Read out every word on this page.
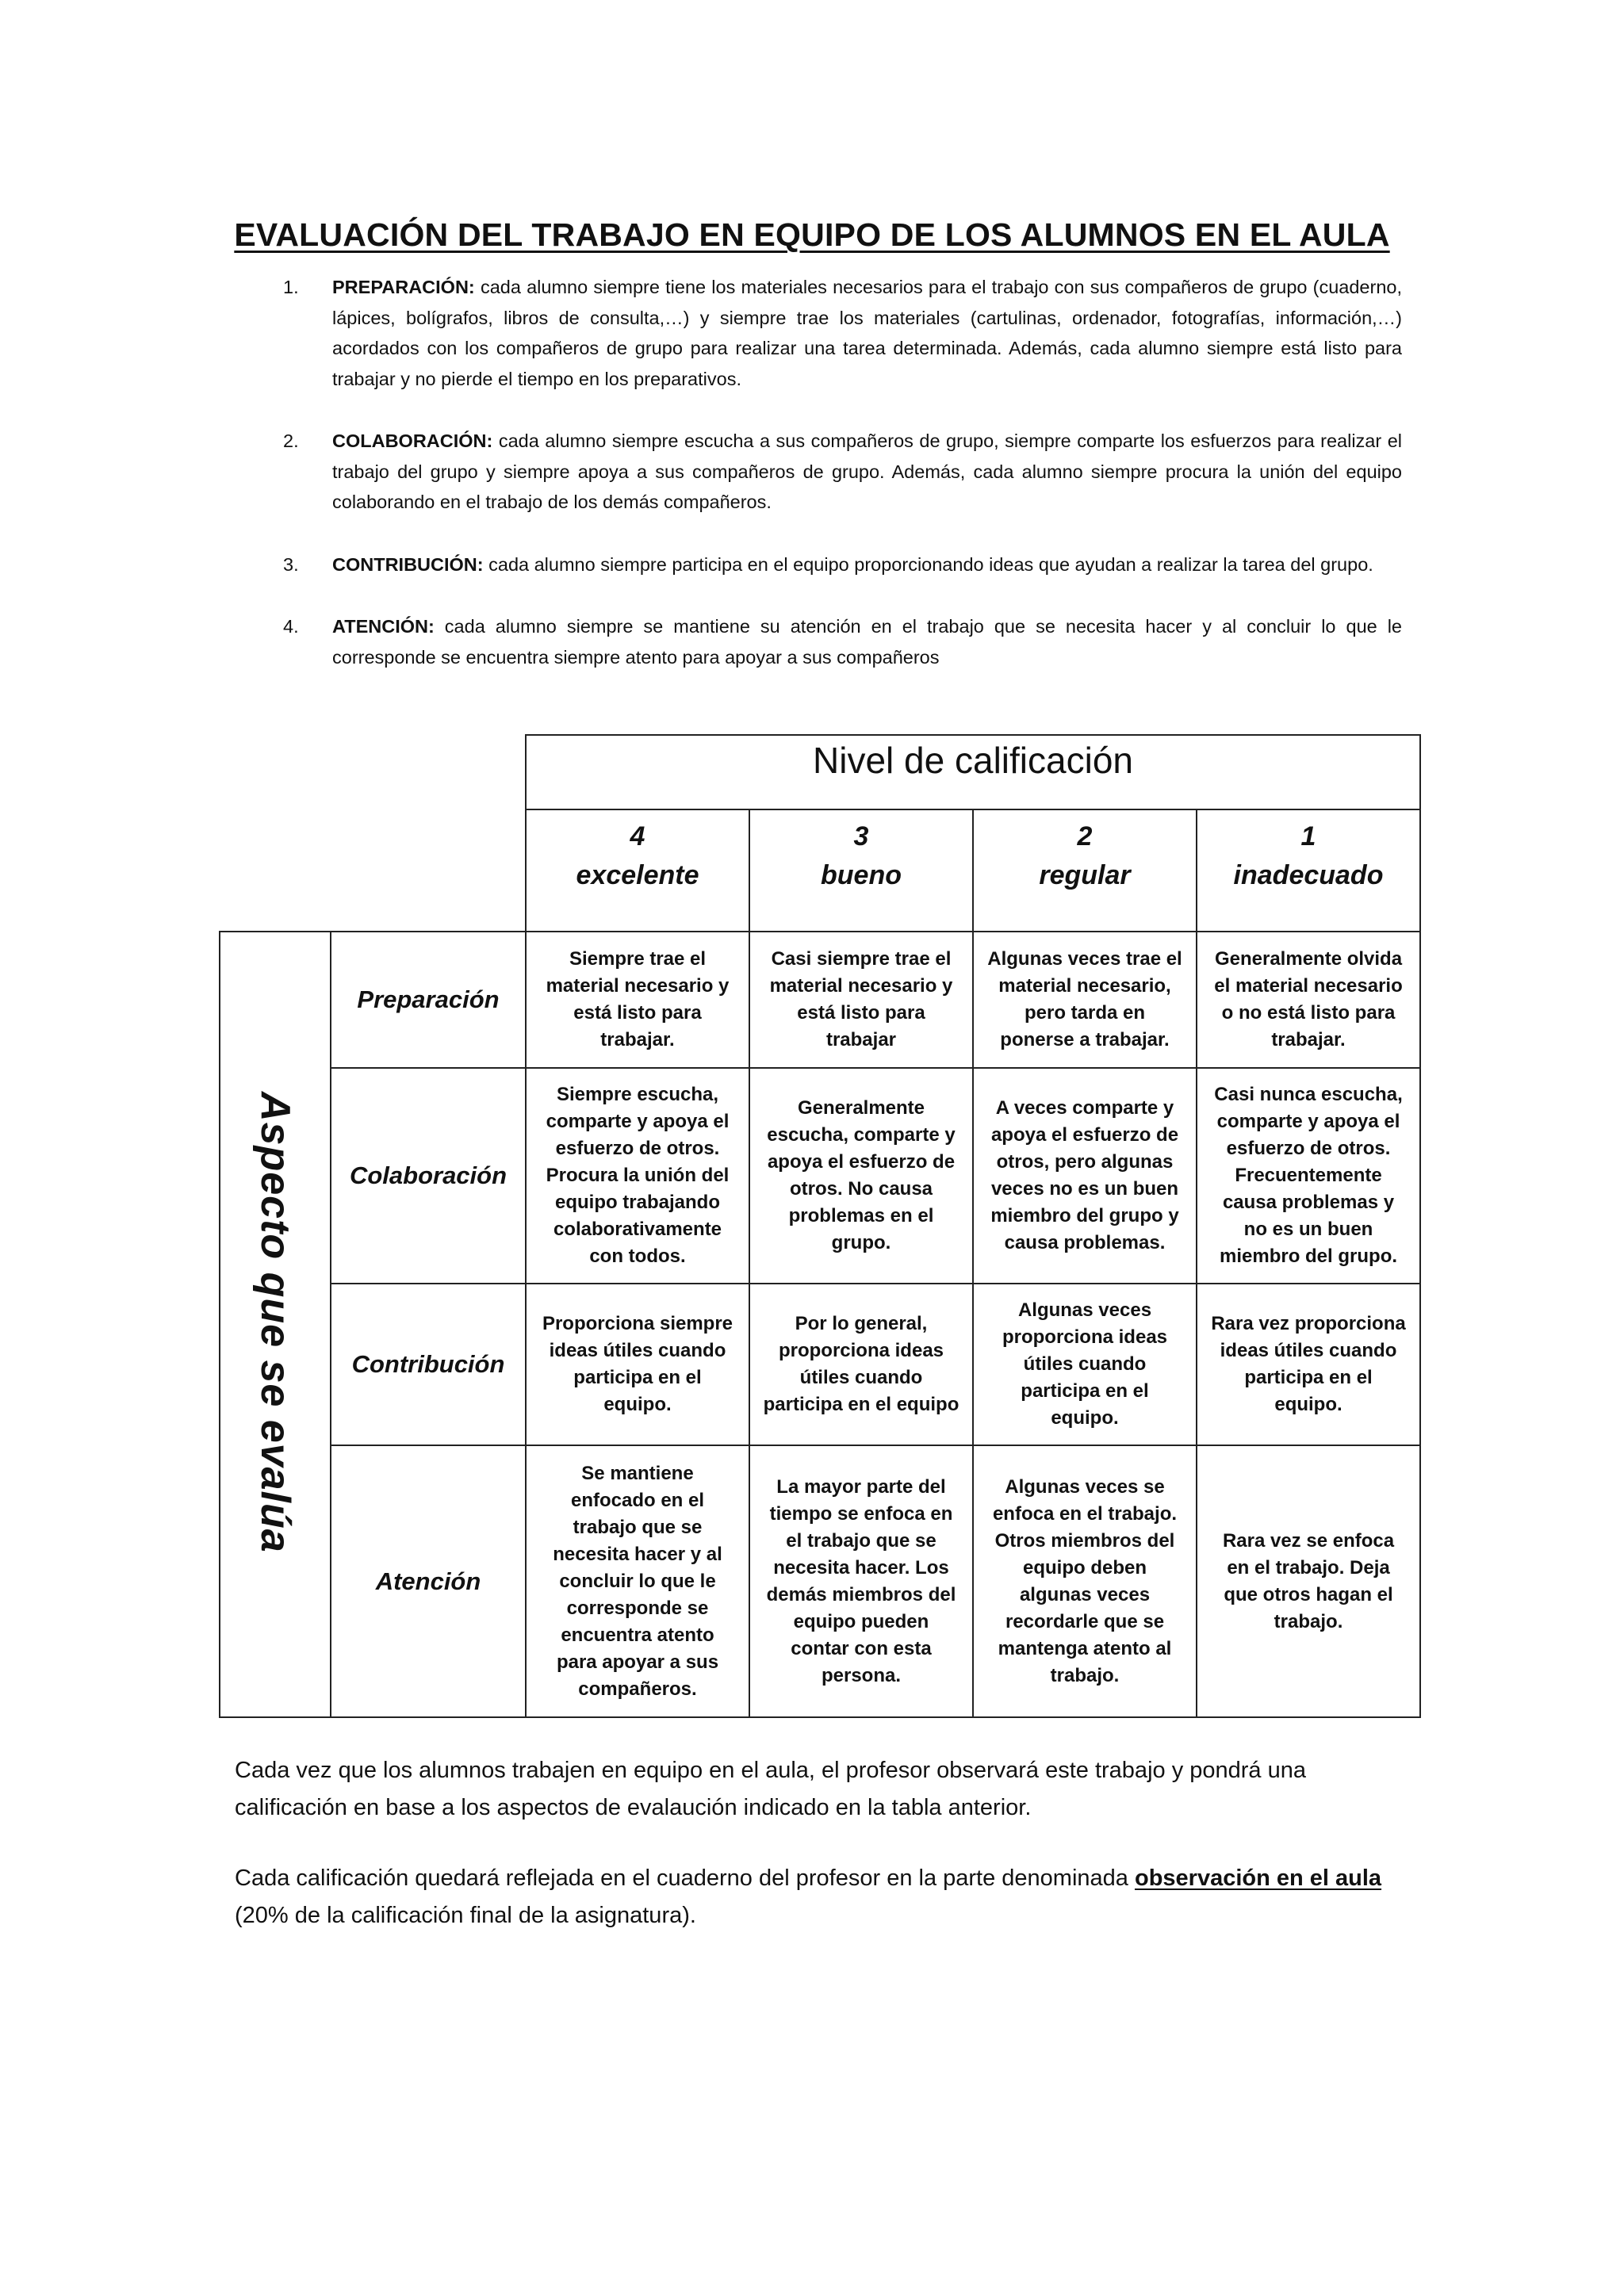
EVALUACIÓN DEL TRABAJO EN EQUIPO DE LOS ALUMNOS EN EL AULA
1. PREPARACIÓN: cada alumno siempre tiene los materiales necesarios para el trabajo con sus compañeros de grupo (cuaderno, lápices, bolígrafos, libros de consulta,…) y siempre trae los materiales (cartulinas, ordenador, fotografías, información,…) acordados con los compañeros de grupo para realizar una tarea determinada. Además, cada alumno siempre está listo para trabajar y no pierde el tiempo en los preparativos.
2. COLABORACIÓN: cada alumno siempre escucha a sus compañeros de grupo, siempre comparte los esfuerzos para realizar el trabajo del grupo y siempre apoya a sus compañeros de grupo. Además, cada alumno siempre procura la unión del equipo colaborando en el trabajo de los demás compañeros.
3. CONTRIBUCIÓN: cada alumno siempre participa en el equipo proporcionando ideas que ayudan a realizar la tarea del grupo.
4. ATENCIÓN: cada alumno siempre se mantiene su atención en el trabajo que se necesita hacer y al concluir lo que le corresponde se encuentra siempre atento para apoyar a sus compañeros
		Nivel de calificación			
		4	3	2	1
		excelente	bueno	regular	inadecuado
Aspecto que se evalúa	Preparación	Siempre trae el material necesario y está listo para trabajar.	Casi siempre trae el material necesario y está listo para trabajar	Algunas veces trae el material necesario, pero tarda en ponerse a trabajar.	Generalmente olvida el material necesario o no está listo para trabajar.
	Colaboración	Siempre escucha, comparte y apoya el esfuerzo de otros. Procura la unión del equipo trabajando colaborativamente con todos.	Generalmente escucha, comparte y apoya el esfuerzo de otros. No causa problemas en el grupo.	A veces comparte y apoya el esfuerzo de otros, pero algunas veces no es un buen miembro del grupo y causa problemas.	Casi nunca escucha, comparte y apoya el esfuerzo de otros. Frecuentemente causa problemas y no es un buen miembro del grupo.
	Contribución	Proporciona siempre ideas útiles cuando participa en el equipo.	Por lo general, proporciona ideas útiles cuando participa en el equipo	Algunas veces proporciona ideas útiles cuando participa en el equipo.	Rara vez proporciona ideas útiles cuando participa en el equipo.
	Atención	Se mantiene enfocado en el trabajo que se necesita hacer y al concluir lo que le corresponde se encuentra atento para apoyar a sus compañeros.	La mayor parte del tiempo se enfoca en el trabajo que se necesita hacer. Los demás miembros del equipo pueden contar con esta persona.	Algunas veces se enfoca en el trabajo. Otros miembros del equipo deben algunas veces recordarle que se mantenga atento al trabajo.	Rara vez se enfoca en el trabajo. Deja que otros hagan el trabajo.

Cada vez que los alumnos trabajen en equipo en el aula, el profesor observará este trabajo y pondrá una calificación en base a los aspectos de evalaución indicado en la tabla anterior.

Cada calificación quedará reflejada en el cuaderno del profesor en la parte denominada observación en el aula (20% de la calificación final de la asignatura).
